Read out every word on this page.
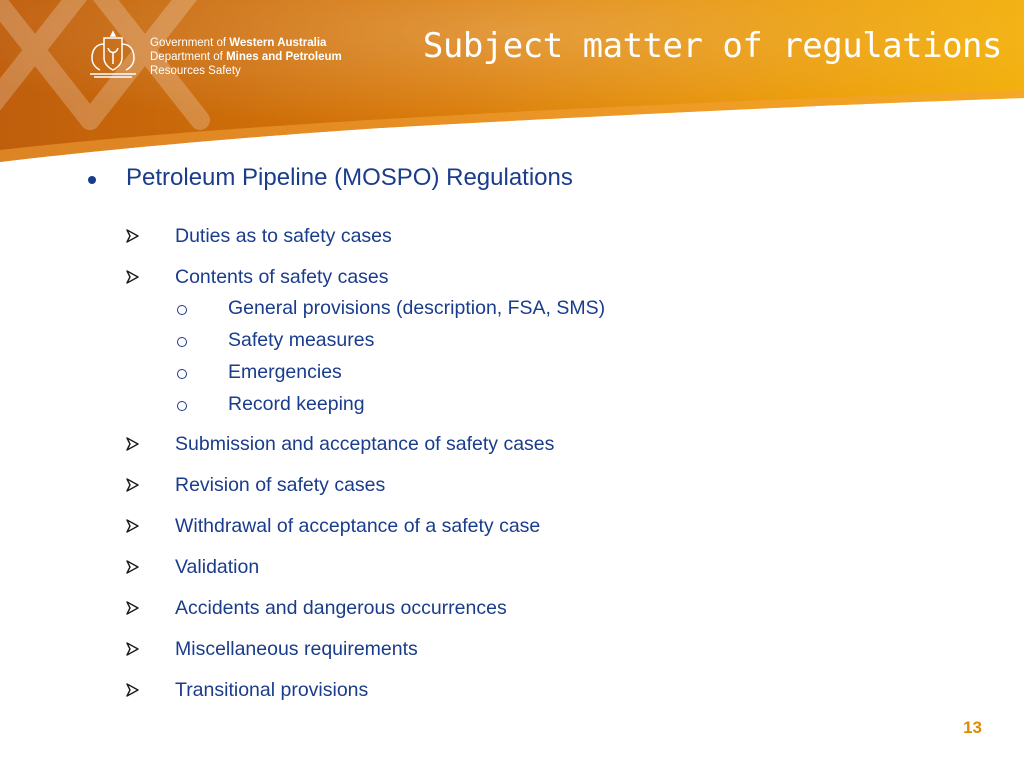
Government of Western Australia
Department of Mines and Petroleum
Resources Safety
Subject matter of regulations
Petroleum Pipeline (MOSPO) Regulations
Duties as to safety cases
Contents of safety cases
General provisions (description, FSA, SMS)
Safety measures
Emergencies
Record keeping
Submission and acceptance of safety cases
Revision of safety cases
Withdrawal of acceptance of a safety case
Validation
Accidents and dangerous occurrences
Miscellaneous requirements
Transitional provisions
13
